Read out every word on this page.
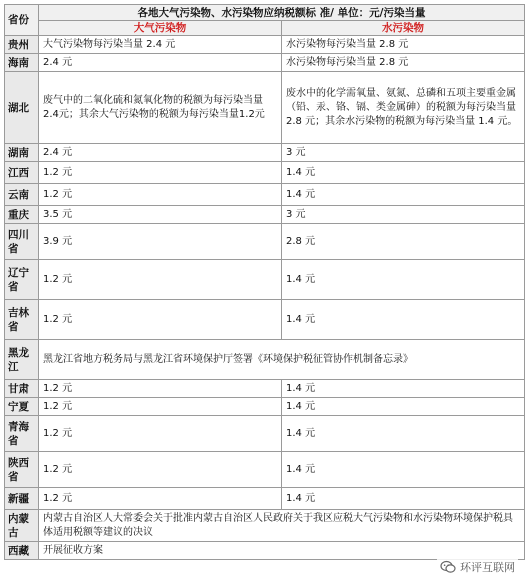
省份	各地大气污染物、水污染物应纳税额标 准/ 单位：元/污染当量	
	大气污染物	水污染物
贵州	大气污染物每污染当量 2.4 元	水污染物每污染当量 2.8 元
海南	2.4 元	水污染物每污染当量 2.8 元
湖北	废气中的二氧化硫和氮氧化物的税额为每污染当量2.4元；其余大气污染物的税额为每污染当量1.2元	废水中的化学需氧量、氨氮、总磷和五项主要重金属（铅、汞、铬、镉、类金属砷）的税额为每污染当量 2.8 元；其余水污染物的税额为每污染当量 1.4 元。
湖南	2.4 元	3 元
江西	1.2 元	1.4 元
云南	1.2 元	1.4 元
重庆	3.5 元	3 元
四川省	3.9 元	2.8 元
辽宁省	1.2 元	1.4 元
吉林省	1.2 元	1.4 元
黑龙江	黑龙江省地方税务局与黑龙江省环境保护厅签署《环境保护税征管协作机制备忘录》	
甘肃	1.2 元	1.4 元
宁夏	1.2 元	1.4 元
青海省	1.2 元	1.4 元
陕西省	1.2 元	1.4 元
新疆	1.2 元	1.4 元
内蒙古	内蒙古自治区人大常委会关于批准内蒙古自治区人民政府关于我区应税大气污染物和水污染物环境保护税具体适用税额等建议的决议	
西藏	开展征收方案	
环评互联网
